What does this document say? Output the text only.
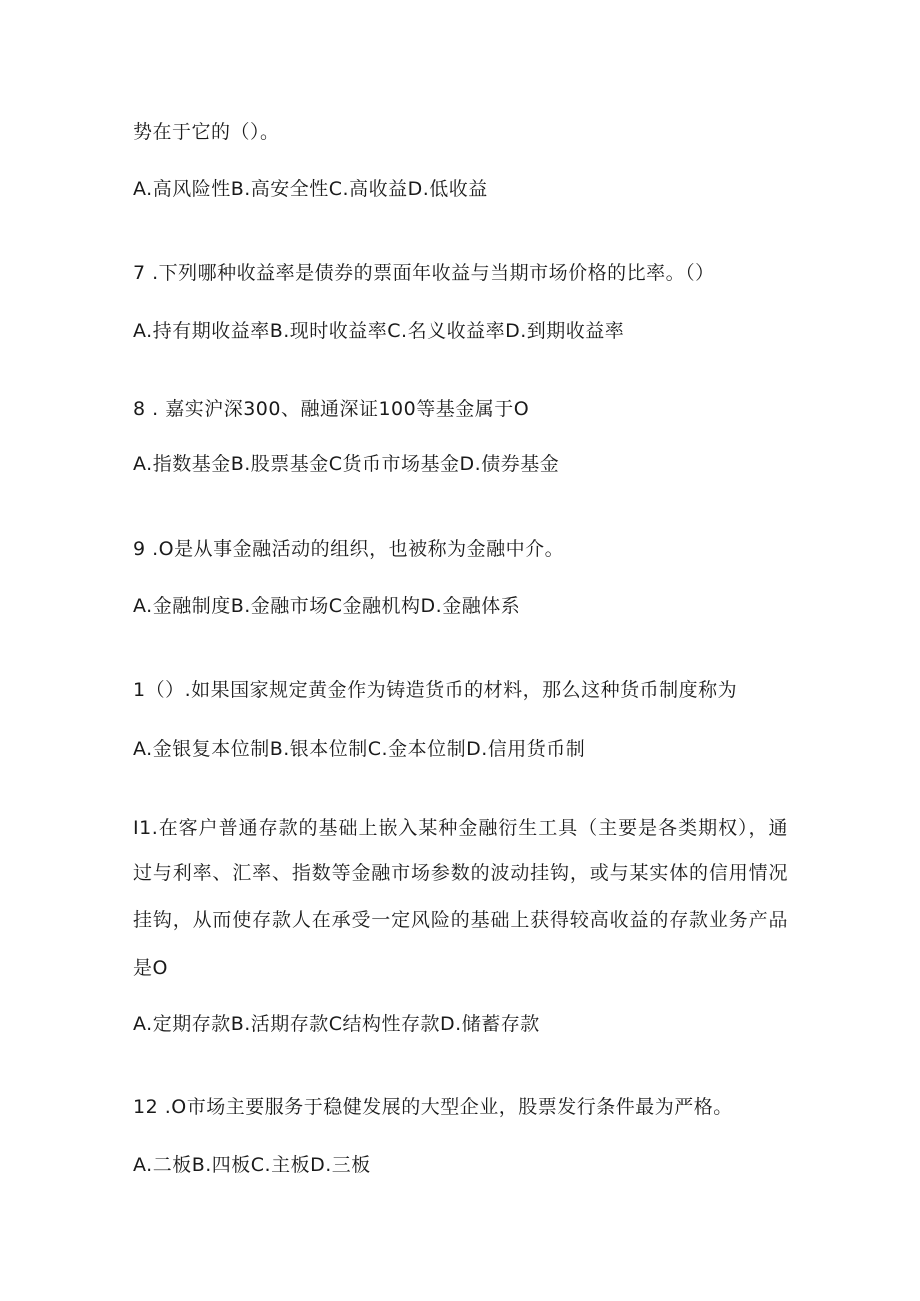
势在于它的（）。
A.高风险性B.高安全性C.高收益D.低收益
7 .下列哪种收益率是债券的票面年收益与当期市场价格的比率。（）
A.持有期收益率B.现时收益率C.名义收益率D.到期收益率
8 . 嘉实沪深300、融通深证100等基金属于O
A.指数基金B.股票基金C货币市场基金D.债券基金
9 .O是从事金融活动的组织，也被称为金融中介。
A.金融制度B.金融市场C金融机构D.金融体系
1（）.如果国家规定黄金作为铸造货币的材料，那么这种货币制度称为
A.金银复本位制B.银本位制C.金本位制D.信用货币制
I1.在客户普通存款的基础上嵌入某种金融衍生工具（主要是各类期权），通
过与利率、汇率、指数等金融市场参数的波动挂钩，或与某实体的信用情况
挂钩，从而使存款人在承受一定风险的基础上获得较高收益的存款业务产品
是O
A.定期存款B.活期存款C结构性存款D.储蓄存款
12 .O市场主要服务于稳健发展的大型企业，股票发行条件最为严格。
A.二板B.四板C.主板D.三板
